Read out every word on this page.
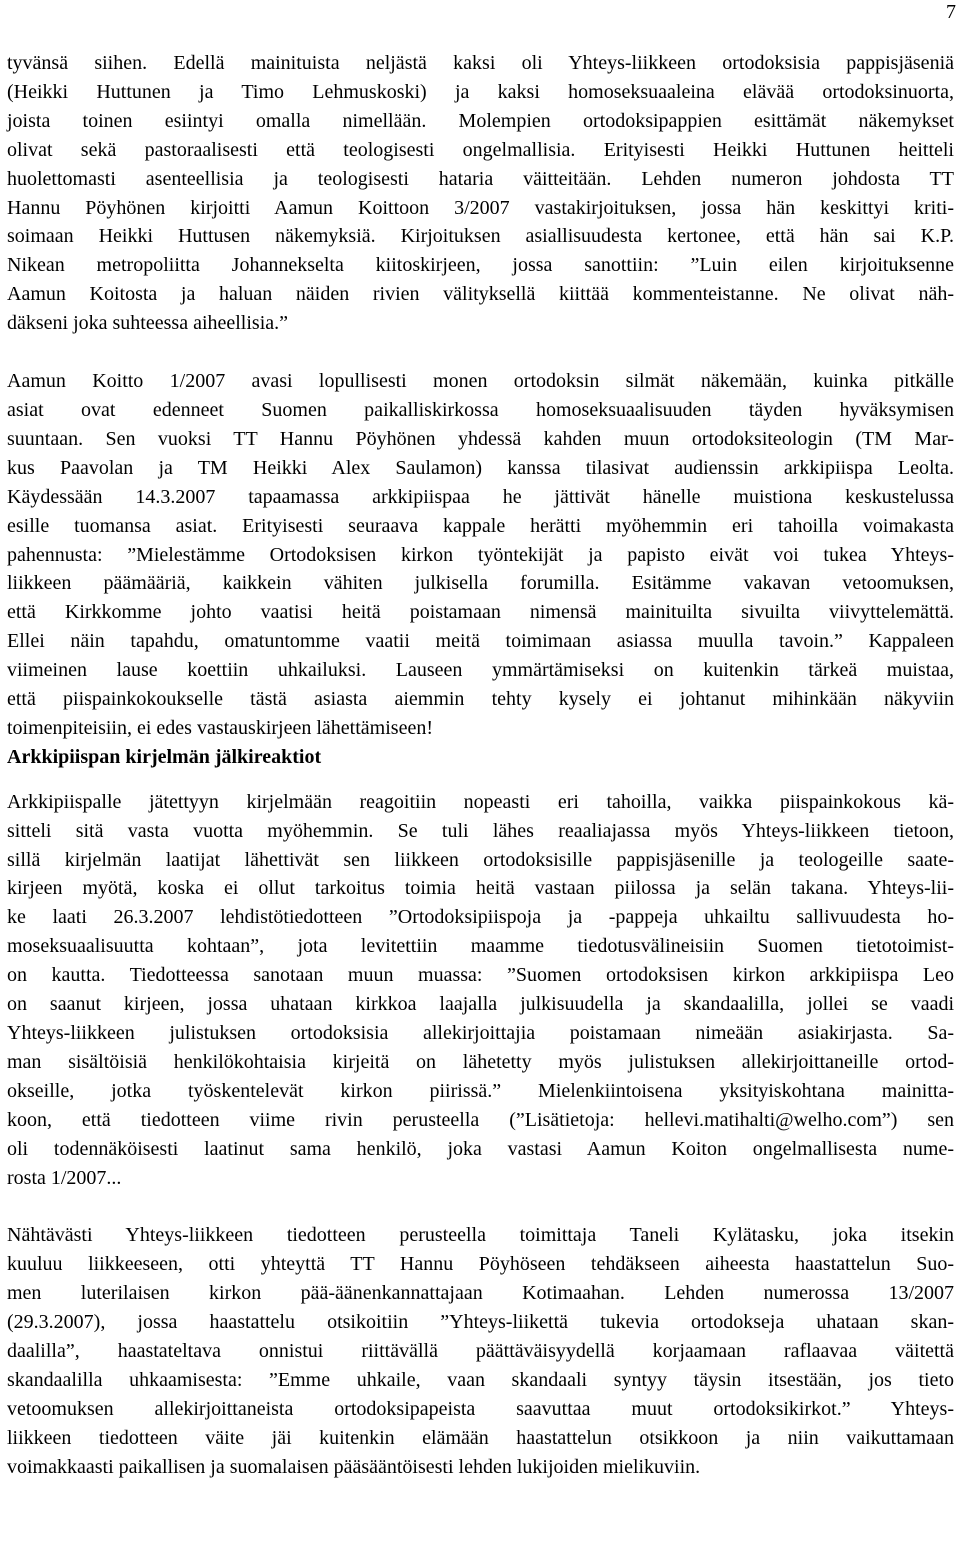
7

tyvänsä siihen. Edellä mainituista neljästä kaksi oli Yhteys-liikkeen ortodoksisia pappisjäseniä
(Heikki Huttunen ja Timo Lehmuskoski) ja kaksi homoseksuaaleina elävää ortodoksinuorta,
joista toinen esiintyi omalla nimellään. Molempien ortodoksipappien esittämät näkemykset
olivat sekä pastoraalisesti että teologisesti ongelmallisia. Erityisesti Heikki Huttunen heitteli
huolettomasti asenteellisia ja teologisesti hataria väitteitään. Lehden numeron johdosta TT
Hannu Pöyhönen kirjoitti Aamun Koittoon 3/2007 vastakirjoituksen, jossa hän keskittyi kriti-
soimaan Heikki Huttusen näkemyksiä. Kirjoituksen asiallisuudesta kertonee, että hän sai K.P.
Nikean metropoliitta Johannekselta kiitoskirjeen, jossa sanottiin: ”Luin eilen kirjoituksenne
Aamun Koitosta ja haluan näiden rivien välityksellä kiittää kommenteistanne. Ne olivat näh-
däkseni joka suhteessa aiheellisia.”

Aamun Koitto 1/2007 avasi lopullisesti monen ortodoksin silmät näkemään, kuinka pitkälle
asiat ovat edenneet Suomen paikalliskirkossa homoseksuaalisuuden täyden hyväksymisen
suuntaan. Sen vuoksi TT Hannu Pöyhönen yhdessä kahden muun ortodoksiteologin (TM Mar-
kus Paavolan ja TM Heikki Alex Saulamon) kanssa tilasivat audienssin arkkipiispa Leolta.
Käydessään 14.3.2007 tapaamassa arkkipiispaa he jättivät hänelle muistiona keskustelussa
esille tuomansa asiat. Erityisesti seuraava kappale herätti myöhemmin eri tahoilla voimakasta
pahennusta: ”Mielestämme Ortodoksisen kirkon työntekijät ja papisto eivät voi tukea Yhteys-
liikkeen päämääriä, kaikkein vähiten julkisella forumilla. Esitämme vakavan vetoomuksen,
että Kirkkomme johto vaatisi heitä poistamaan nimensä mainituilta sivuilta viivyttelemättä.
Ellei näin tapahdu, omatuntomme vaatii meitä toimimaan asiassa muulla tavoin.” Kappaleen
viimeinen lause koettiin uhkailuksi. Lauseen ymmärtämiseksi on kuitenkin tärkeä muistaa,
että piispainkokoukselle tästä asiasta aiemmin tehty kysely ei johtanut mihinkään näkyviin
toimenpiteisiin, ei edes vastauskirjeen lähettämiseen!

Arkkipiispan kirjelmän jälkireaktiot

Arkkipiispalle jätettyyn kirjelmään reagoitiin nopeasti eri tahoilla, vaikka piispainkokous kä-
sitteli sitä vasta vuotta myöhemmin. Se tuli lähes reaaliajassa myös Yhteys-liikkeen tietoon,
sillä kirjelmän laatijat lähettivät sen liikkeen ortodoksisille pappisjäsenille ja teologeille saate-
kirjeen myötä, koska ei ollut tarkoitus toimia heitä vastaan piilossa ja selän takana. Yhteys-lii-
ke laati 26.3.2007 lehdistötiedotteen ”Ortodoksipiispoja ja -pappeja uhkailtu sallivuudesta ho-
moseksuaalisuutta kohtaan”, jota levitettiin maamme tiedotusvälineisiin Suomen tietotoimist-
on kautta. Tiedotteessa sanotaan muun muassa: ”Suomen ortodoksisen kirkon arkkipiispa Leo
on saanut kirjeen, jossa uhataan kirkkoa laajalla julkisuudella ja skandaalilla, jollei se vaadi
Yhteys-liikkeen julistuksen ortodoksisia allekirjoittajia poistamaan nimeään asiakirjasta. Sa-
man sisältöisiä henkilökohtaisia kirjeitä on lähetetty myös julistuksen allekirjoittaneille ortod-
okseille, jotka työskentelevät kirkon piirissä.” Mielenkiintoisena yksityiskohtana mainitta-
koon, että tiedotteen viime rivin perusteella (”Lisätietoja: hellevi.matihalti@welho.com”) sen
oli todennäköisesti laatinut sama henkilö, joka vastasi Aamun Koiton ongelmallisesta nume-
rosta 1/2007...

Nähtävästi Yhteys-liikkeen tiedotteen perusteella toimittaja Taneli Kylätasku, joka itsekin
kuuluu liikkeeseen, otti yhteyttä TT Hannu Pöyhöseen tehdäkseen aiheesta haastattelun Suo-
men luterilaisen kirkon pää-äänenkannattajaan Kotimaahan. Lehden numerossa 13/2007
(29.3.2007), jossa haastattelu otsikoitiin ”Yhteys-liikettä tukevia ortodokseja uhataan skan-
daalilla”, haastateltava onnistui riittävällä päättäväisyydellä korjaamaan raflaavaa väitettä
skandaalilla uhkaamisesta: ”Emme uhkaile, vaan skandaali syntyy täysin itsestään, jos tieto
vetoomuksen allekirjoittaneista ortodoksipapeista saavuttaa muut ortodoksikirkot.” Yhteys-
liikkeen tiedotteen väite jäi kuitenkin elämään haastattelun otsikkoon ja niin vaikuttamaan
voimakkaasti paikallisen ja suomalaisen pääsääntöisesti lehden lukijoiden mielikuviin.
